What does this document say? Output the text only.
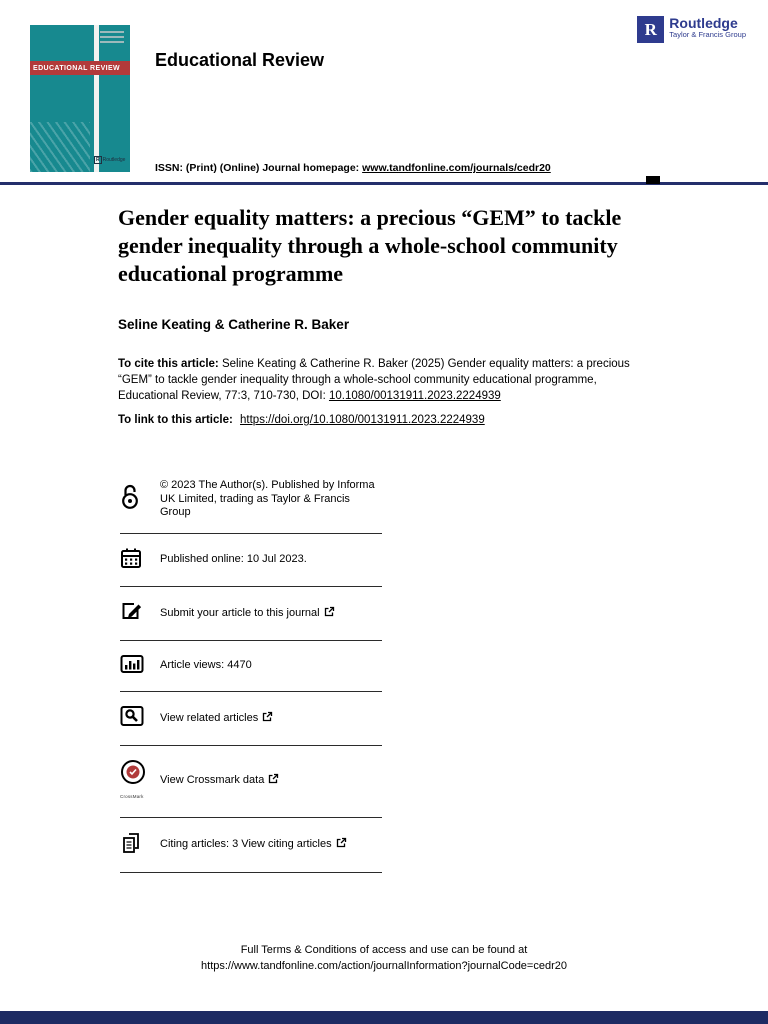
EDUCATIONAL REVIEW
R Routledge
Educational Review
R Routledge
Taylor & Francis Group
ISSN: (Print) (Online) Journal homepage: www.tandfonline.com/journals/cedr20
Gender equality matters: a precious “GEM” to tackle gender inequality through a whole-school community educational programme
Seline Keating & Catherine R. Baker
To cite this article: Seline Keating & Catherine R. Baker (2025) Gender equality matters: a precious “GEM” to tackle gender inequality through a whole-school community educational programme, Educational Review, 77:3, 710-730, DOI: 10.1080/00131911.2023.2224939
To link to this article: https://doi.org/10.1080/00131911.2023.2224939
© 2023 The Author(s). Published by Informa UK Limited, trading as Taylor & Francis Group
Published online: 10 Jul 2023.
Submit your article to this journal
Article views: 4470
View related articles
CrossMark
View Crossmark data
Citing articles: 3 View citing articles
Full Terms & Conditions of access and use can be found at
https://www.tandfonline.com/action/journalInformation?journalCode=cedr20
